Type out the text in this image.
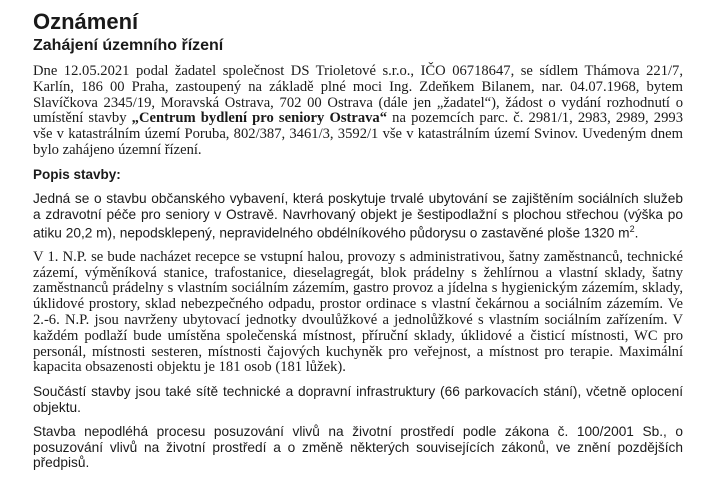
Oznámení
Zahájení územního řízení

Dne 12.05.2021 podal žadatel společnost DS Trioletové s.r.o., IČO 06718647, se sídlem Thámova 221/7, Karlín, 186 00 Praha, zastoupený na základě plné moci Ing. Zdeňkem Bilanem, nar. 04.07.1968, bytem Slavíčkova 2345/19, Moravská Ostrava, 702 00 Ostrava (dále jen „žadatel“), žádost o vydání rozhodnutí o umístění stavby „Centrum bydlení pro seniory Ostrava“ na pozemcích parc. č. 2981/1, 2983, 2989, 2993 vše v katastrálním území Poruba, 802/387, 3461/3, 3592/1 vše v katastrálním území Svinov. Uvedeným dnem bylo zahájeno územní řízení.

Popis stavby:

Jedná se o stavbu občanského vybavení, která poskytuje trvalé ubytování se zajištěním sociálních služeb a zdravotní péče pro seniory v Ostravě. Navrhovaný objekt je šestipodlažní s plochou střechou (výška po atiku 20,2 m), nepodsklepený, nepravidelného obdélníkového půdorysu o zastavěné ploše 1320 $m^2$.

V 1. N.P. se bude nacházet recepce se vstupní halou, provozy s administrativou, šatny zaměstnanců, technické zázemí, výměníková stanice, trafostanice, dieselagregát, blok prádelny s žehlírnou a vlastní sklady, šatny zaměstnanců prádelny s vlastním sociálním zázemím, gastro provoz a jídelna s hygienickým zázemím, sklady, úklidové prostory, sklad nebezpečného odpadu, prostor ordinace s vlastní čekárnou a sociálním zázemím. Ve 2.-6. N.P. jsou navrženy ubytovací jednotky dvoulůžkové a jednolůžkové s vlastním sociálním zařízením. V každém podlaží bude umístěna společenská místnost, příruční sklady, úklidové a čisticí místnosti, WC pro personál, místnosti sesteren, místnosti čajových kuchyněk pro veřejnost, a místnost pro terapie. Maximální kapacita obsazenosti objektu je 181 osob (181 lůžek).

Součástí stavby jsou také sítě technické a dopravní infrastruktury (66 parkovacích stání), včetně oplocení objektu.

Stavba nepodléhá procesu posuzování vlivů na životní prostředí podle zákona č. 100/2001 Sb., o posuzování vlivů na životní prostředí a o změně některých souvisejících zákonů, ve znění pozdějších předpisů.
